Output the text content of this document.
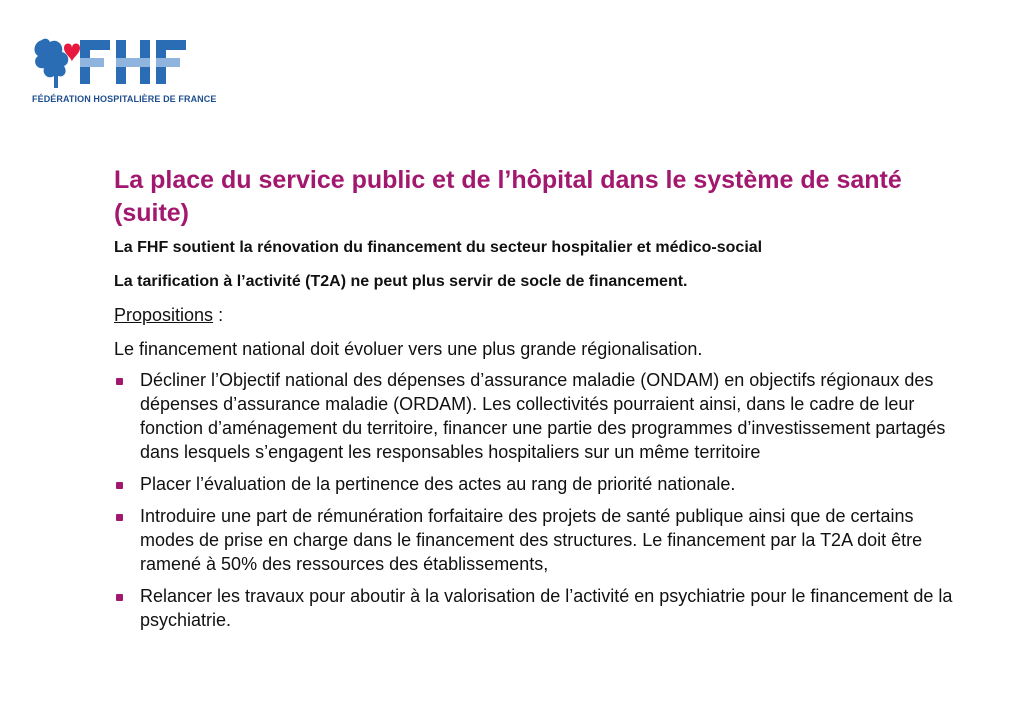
FÉDÉRATION HOSPITALIÈRE DE FRANCE
La place du service public et de l’hôpital dans le système de santé (suite)

La FHF soutient la rénovation du financement du secteur hospitalier et médico-social

La tarification à l’activité (T2A) ne peut plus servir de socle de financement.

Propositions :

Le financement national doit évoluer vers une plus grande régionalisation.

Décliner l’Objectif national des dépenses d’assurance maladie (ONDAM) en objectifs régionaux des dépenses d’assurance maladie (ORDAM). Les collectivités pourraient ainsi, dans le cadre de leur fonction d’aménagement du territoire, financer une partie des programmes d’investissement partagés dans lesquels s’engagent les responsables hospitaliers sur un même territoire
Placer l’évaluation de la pertinence des actes au rang de priorité nationale.
Introduire une part de rémunération forfaitaire des projets de santé publique ainsi que de certains modes de prise en charge dans le financement des structures. Le financement par la T2A doit être ramené à 50% des ressources des établissements,
Relancer les travaux pour aboutir à la valorisation de l’activité en psychiatrie pour le financement de la psychiatrie.
